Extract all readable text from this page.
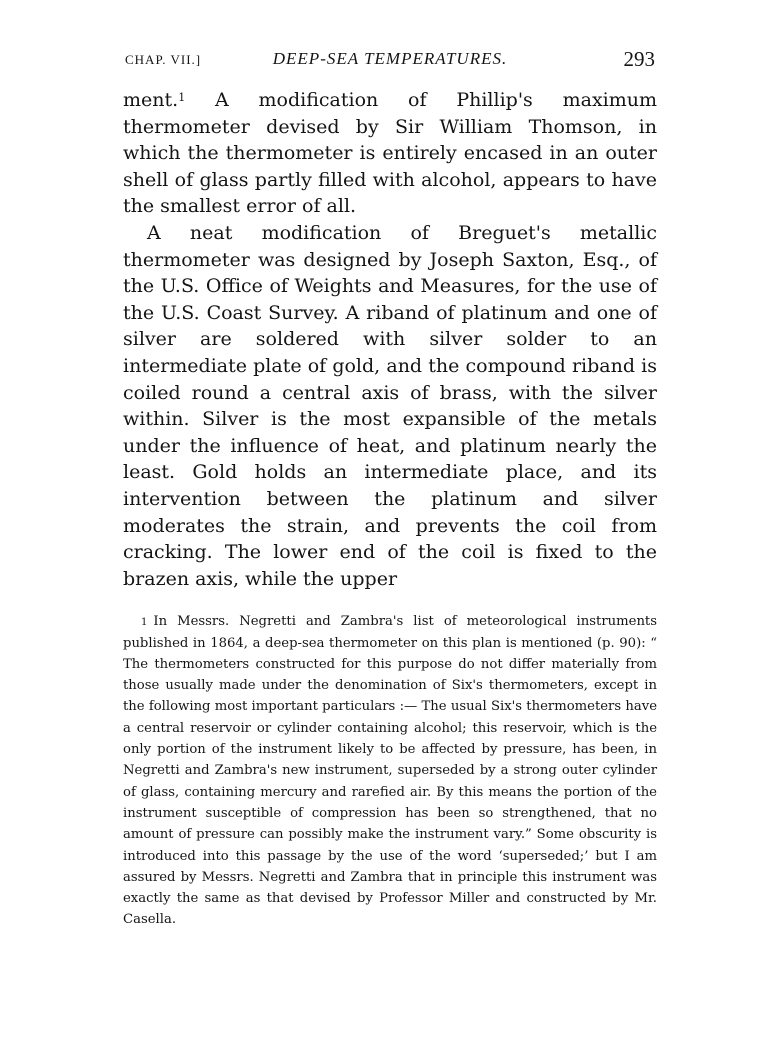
CHAP. VII.]	DEEP-SEA TEMPERATURES.	293

ment.$^1$ A modification of Phillip's maximum thermometer devised by Sir William Thomson, in which the thermometer is entirely encased in an outer shell of glass partly filled with alcohol, appears to have the smallest error of all.

A neat modification of Breguet's metallic thermometer was designed by Joseph Saxton, Esq., of the U.S. Office of Weights and Measures, for the use of the U.S. Coast Survey. A riband of platinum and one of silver are soldered with silver solder to an intermediate plate of gold, and the compound riband is coiled round a central axis of brass, with the silver within. Silver is the most expansible of the metals under the influence of heat, and platinum nearly the least. Gold holds an intermediate place, and its intervention between the platinum and silver moderates the strain, and prevents the coil from cracking. The lower end of the coil is fixed to the brazen axis, while the upper

$^1$ In Messrs. Negretti and Zambra's list of meteorological instruments published in 1864, a deep-sea thermometer on this plan is mentioned (p. 90): “ The thermometers constructed for this purpose do not differ materially from those usually made under the denomination of Six's thermometers, except in the following most important particulars :— The usual Six's thermometers have a central reservoir or cylinder containing alcohol; this reservoir, which is the only portion of the instrument likely to be affected by pressure, has been, in Negretti and Zambra's new instrument, superseded by a strong outer cylinder of glass, containing mercury and rarefied air. By this means the portion of the instrument susceptible of compression has been so strengthened, that no amount of pressure can possibly make the instrument vary.” Some obscurity is introduced into this passage by the use of the word ‘superseded;’ but I am assured by Messrs. Negretti and Zambra that in principle this instrument was exactly the same as that devised by Professor Miller and constructed by Mr. Casella.
